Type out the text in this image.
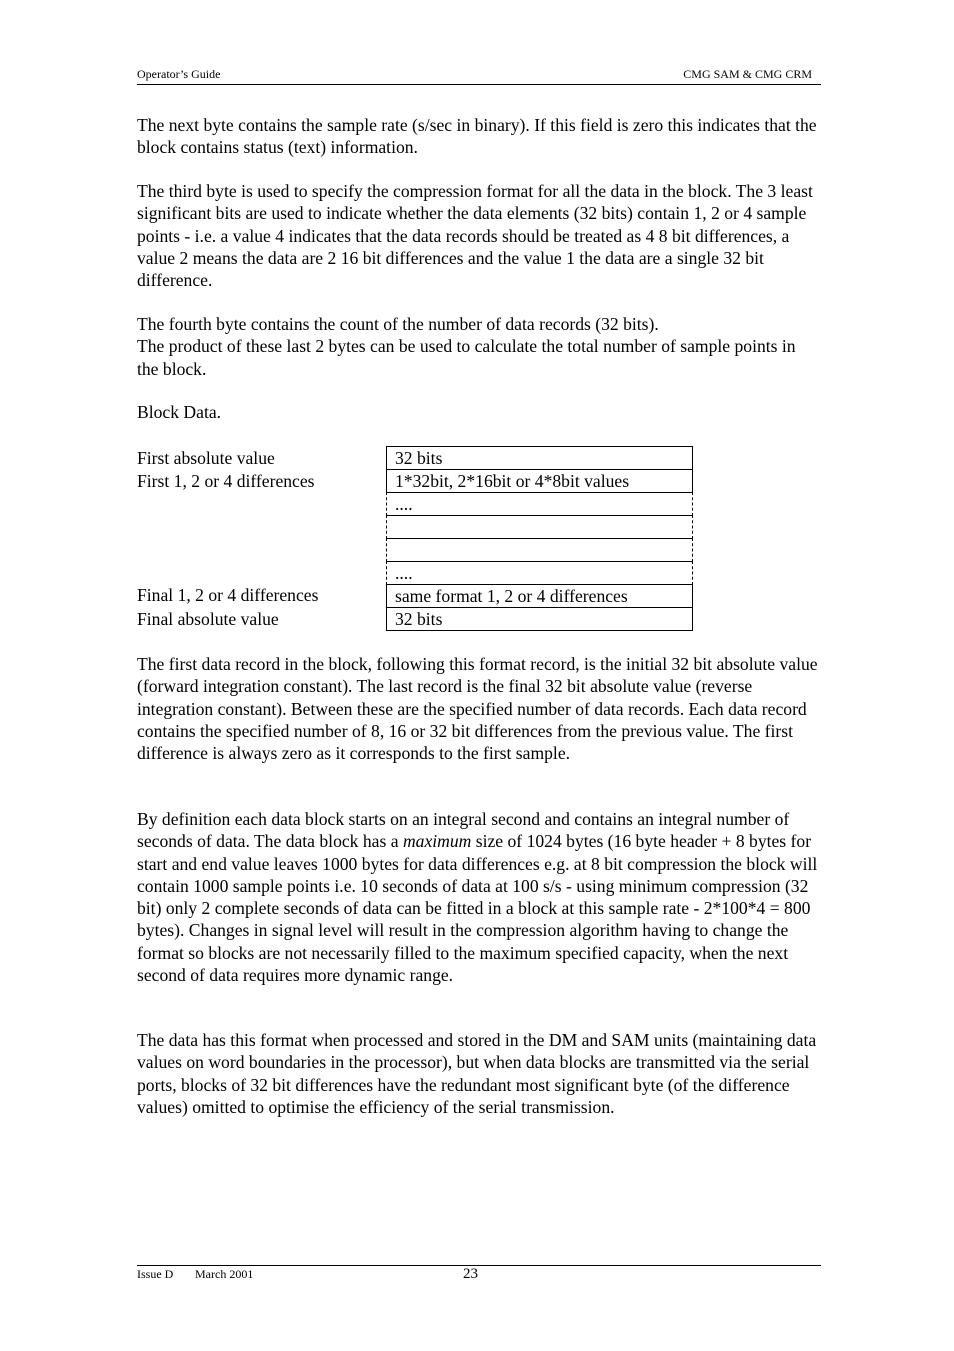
Operator’s Guide	CMG SAM & CMG CRM

The next byte contains the sample rate (s/sec in binary). If this field is zero this indicates that the block contains status (text) information.

The third byte is used to specify the compression format for all the data in the block. The 3 least significant bits are used to indicate whether the data elements (32 bits) contain 1, 2 or 4 sample points - i.e. a value 4 indicates that the data records should be treated as 4 8 bit differences, a value 2 means the data are 2 16 bit differences and the value 1 the data are a single 32 bit difference.

The fourth byte contains the count of the number of data records (32 bits).

The product of these last 2 bytes can be used to calculate the total number of sample points in the block.

Block Data.

First absolute value
First 1, 2 or 4 differences
Final 1, 2 or 4 differences
Final absolute value
32 bits
1*32bit, 2*16bit or 4*8bit values
....
....
same format 1, 2 or 4 differences
32 bits

The first data record in the block, following this format record, is the initial 32 bit absolute value (forward integration constant). The last record is the final 32 bit absolute value (reverse integration constant). Between these are the specified number of data records. Each data record contains the specified number of 8, 16 or 32 bit differences from the previous value. The first difference is always zero as it corresponds to the first sample.

By definition each data block starts on an integral second and contains an integral number of seconds of data. The data block has a maximum size of 1024 bytes (16 byte header + 8 bytes for start and end value leaves 1000 bytes for data differences e.g. at 8 bit compression the block will contain 1000 sample points i.e. 10 seconds of data at 100 s/s - using minimum compression (32 bit) only 2 complete seconds of data can be fitted in a block at this sample rate - 2*100*4 = 800 bytes). Changes in signal level will result in the compression algorithm having to change the format so blocks are not necessarily filled to the maximum specified capacity, when the next second of data requires more dynamic range.

The data has this format when processed and stored in the DM and SAM units (maintaining data values on word boundaries in the processor), but when data blocks are transmitted via the serial ports, blocks of 32 bit differences have the redundant most significant byte (of the difference values) omitted to optimise the efficiency of the serial transmission.

Issue D March 2001	23
